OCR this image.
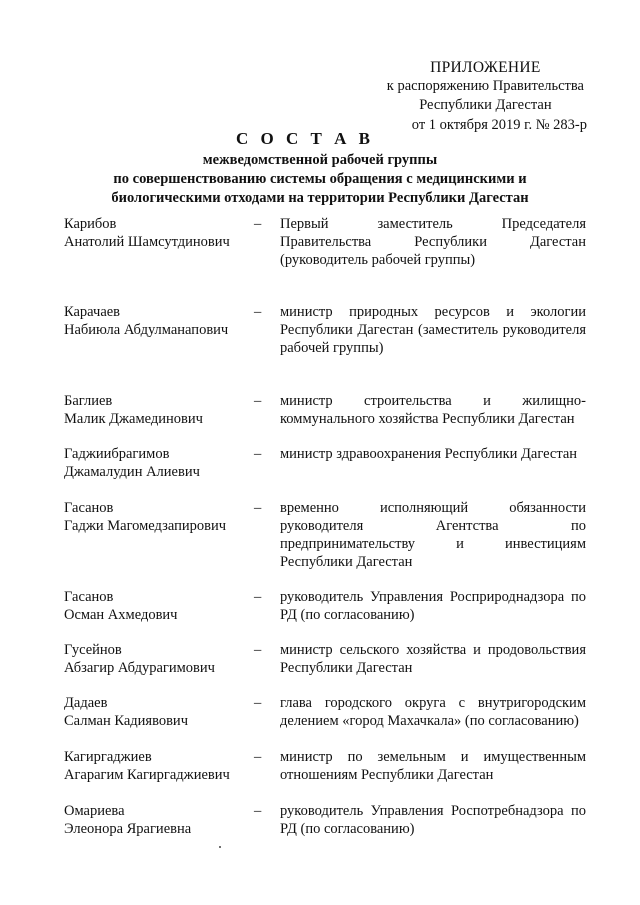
ПРИЛОЖЕНИЕ
к распоряжению Правительства
Республики Дагестан
от 1 октября 2019 г. № 283-р
С О С Т А В
межведомственной рабочей группы
по совершенствованию системы обращения с медицинскими и
биологическими отходами на территории Республики Дагестан
Карибов
Анатолий Шамсутдинович
–	Первый заместитель Председателя Правительства Республики Дагестан (руководитель рабочей группы)
Карачаев
Набиюла Абдулманапович
–	министр природных ресурсов и экологии Республики Дагестан (заместитель руководителя рабочей группы)
Баглиев
Малик Джамединович
–	министр строительства и жилищно-коммунального хозяйства Республики Дагестан
Гаджиибрагимов
Джамалудин Алиевич
–	министр здравоохранения Республики Дагестан
Гасанов
Гаджи Магомедзапирович
–	временно исполняющий обязанности руководителя Агентства по предпринимательству и инвестициям Республики Дагестан
Гасанов
Осман Ахмедович
–	руководитель Управления Росприроднадзора по РД (по согласованию)
Гусейнов
Абзагир Абдурагимович
–	министр сельского хозяйства и продовольствия Республики Дагестан
Дадаев
Салман Кадиявович
–	глава городского округа с внутригородским делением «город Махачкала» (по согласованию)
Кагиргаджиев
Агарагим Кагиргаджиевич
–	министр по земельным и имущественным отношениям Республики Дагестан
Омариева
Элеонора Ярагиевна
–	руководитель Управления Роспотребнадзора по РД (по согласованию)
